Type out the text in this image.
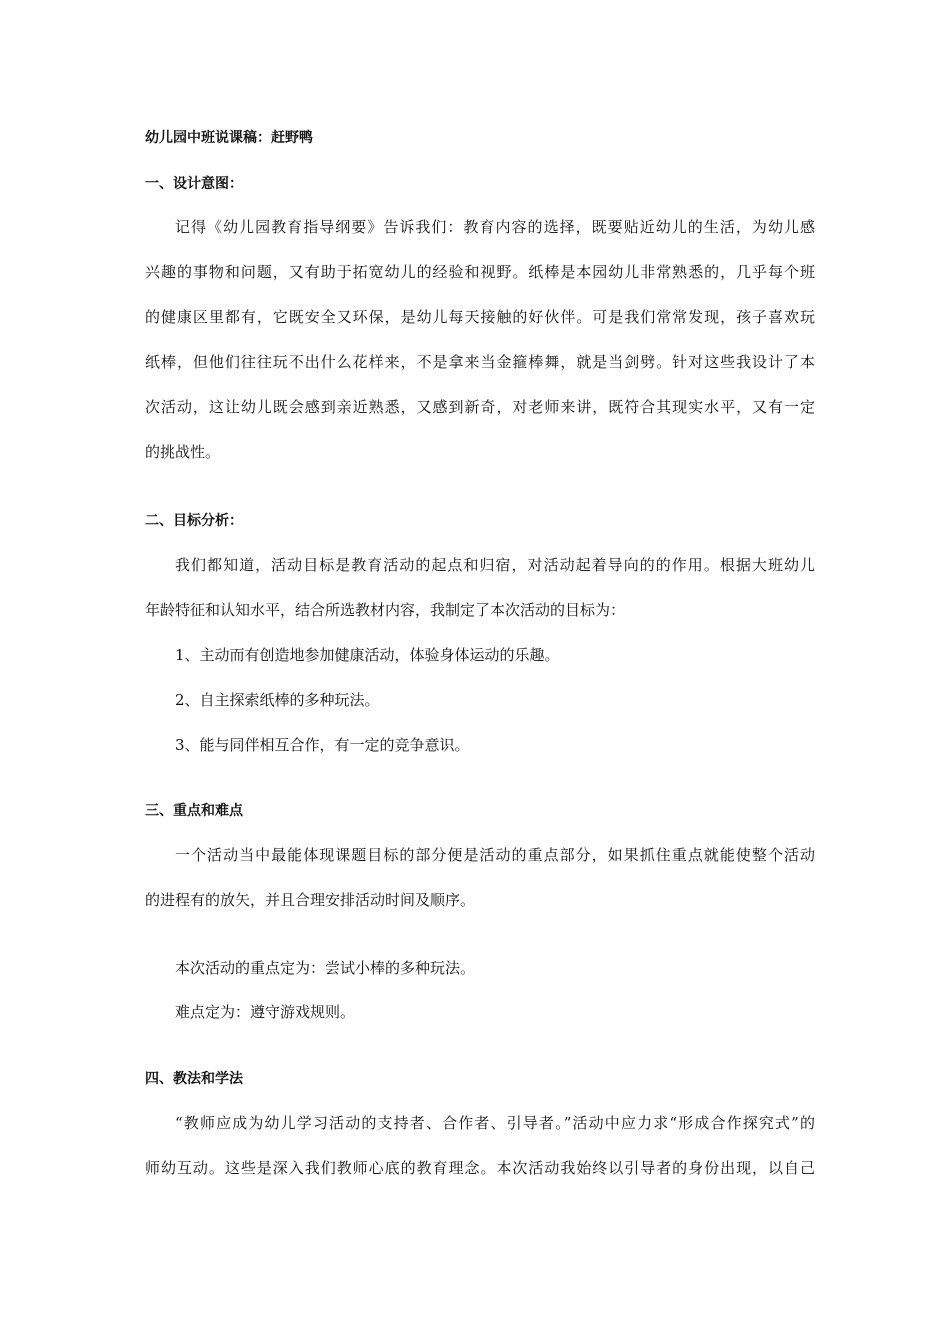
幼儿园中班说课稿：赶野鸭
一、设计意图：
记得《幼儿园教育指导纲要》告诉我们：教育内容的选择，既要贴近幼儿的生活，为幼儿感
兴趣的事物和问题，又有助于拓宽幼儿的经验和视野。纸棒是本园幼儿非常熟悉的，几乎每个班
的健康区里都有，它既安全又环保，是幼儿每天接触的好伙伴。可是我们常常发现，孩子喜欢玩
纸棒，但他们往往玩不出什么花样来，不是拿来当金箍棒舞，就是当剑劈。针对这些我设计了本
次活动，这让幼儿既会感到亲近熟悉，又感到新奇，对老师来讲，既符合其现实水平，又有一定
的挑战性。
二、目标分析：
我们都知道，活动目标是教育活动的起点和归宿，对活动起着导向的的作用。根据大班幼儿
年龄特征和认知水平，结合所选教材内容，我制定了本次活动的目标为：
1、主动而有创造地参加健康活动，体验身体运动的乐趣。
2、自主探索纸棒的多种玩法。
3、能与同伴相互合作，有一定的竞争意识。
三、重点和难点
一个活动当中最能体现课题目标的部分便是活动的重点部分，如果抓住重点就能使整个活动
的进程有的放矢，并且合理安排活动时间及顺序。
本次活动的重点定为：尝试小棒的多种玩法。
难点定为：遵守游戏规则。
四、教法和学法
“教师应成为幼儿学习活动的支持者、合作者、引导者。”活动中应力求“形成合作探究式”的
师幼互动。这些是深入我们教师心底的教育理念。本次活动我始终以引导者的身份出现，以自己
